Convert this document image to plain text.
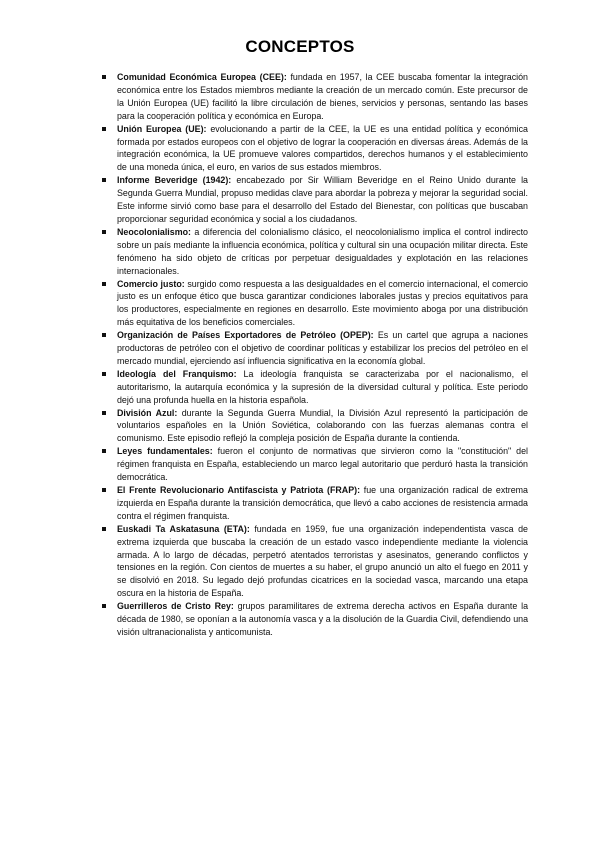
CONCEPTOS
Comunidad Económica Europea (CEE): fundada en 1957, la CEE buscaba fomentar la integración económica entre los Estados miembros mediante la creación de un mercado común. Este precursor de la Unión Europea (UE) facilitó la libre circulación de bienes, servicios y personas, sentando las bases para la cooperación política y económica en Europa.
Unión Europea (UE): evolucionando a partir de la CEE, la UE es una entidad política y económica formada por estados europeos con el objetivo de lograr la cooperación en diversas áreas. Además de la integración económica, la UE promueve valores compartidos, derechos humanos y el establecimiento de una moneda única, el euro, en varios de sus estados miembros.
Informe Beveridge (1942): encabezado por Sir William Beveridge en el Reino Unido durante la Segunda Guerra Mundial, propuso medidas clave para abordar la pobreza y mejorar la seguridad social. Este informe sirvió como base para el desarrollo del Estado del Bienestar, con políticas que buscaban proporcionar seguridad económica y social a los ciudadanos.
Neocolonialismo: a diferencia del colonialismo clásico, el neocolonialismo implica el control indirecto sobre un país mediante la influencia económica, política y cultural sin una ocupación militar directa. Este fenómeno ha sido objeto de críticas por perpetuar desigualdades y explotación en las relaciones internacionales.
Comercio justo: surgido como respuesta a las desigualdades en el comercio internacional, el comercio justo es un enfoque ético que busca garantizar condiciones laborales justas y precios equitativos para los productores, especialmente en regiones en desarrollo. Este movimiento aboga por una distribución más equitativa de los beneficios comerciales.
Organización de Países Exportadores de Petróleo (OPEP): Es un cartel que agrupa a naciones productoras de petróleo con el objetivo de coordinar políticas y estabilizar los precios del petróleo en el mercado mundial, ejerciendo así influencia significativa en la economía global.
Ideología del Franquismo: La ideología franquista se caracterizaba por el nacionalismo, el autoritarismo, la autarquía económica y la supresión de la diversidad cultural y política. Este periodo dejó una profunda huella en la historia española.
División Azul: durante la Segunda Guerra Mundial, la División Azul representó la participación de voluntarios españoles en la Unión Soviética, colaborando con las fuerzas alemanas contra el comunismo. Este episodio reflejó la compleja posición de España durante la contienda.
Leyes fundamentales: fueron el conjunto de normativas que sirvieron como la "constitución" del régimen franquista en España, estableciendo un marco legal autoritario que perduró hasta la transición democrática.
El Frente Revolucionario Antifascista y Patriota (FRAP): fue una organización radical de extrema izquierda en España durante la transición democrática, que llevó a cabo acciones de resistencia armada contra el régimen franquista.
Euskadi Ta Askatasuna (ETA): fundada en 1959, fue una organización independentista vasca de extrema izquierda que buscaba la creación de un estado vasco independiente mediante la violencia armada. A lo largo de décadas, perpetró atentados terroristas y asesinatos, generando conflictos y tensiones en la región. Con cientos de muertes a su haber, el grupo anunció un alto el fuego en 2011 y se disolvió en 2018. Su legado dejó profundas cicatrices en la sociedad vasca, marcando una etapa oscura en la historia de España.
Guerrilleros de Cristo Rey: grupos paramilitares de extrema derecha activos en España durante la década de 1980, se oponían a la autonomía vasca y a la disolución de la Guardia Civil, defendiendo una visión ultranacionalista y anticomunista.
